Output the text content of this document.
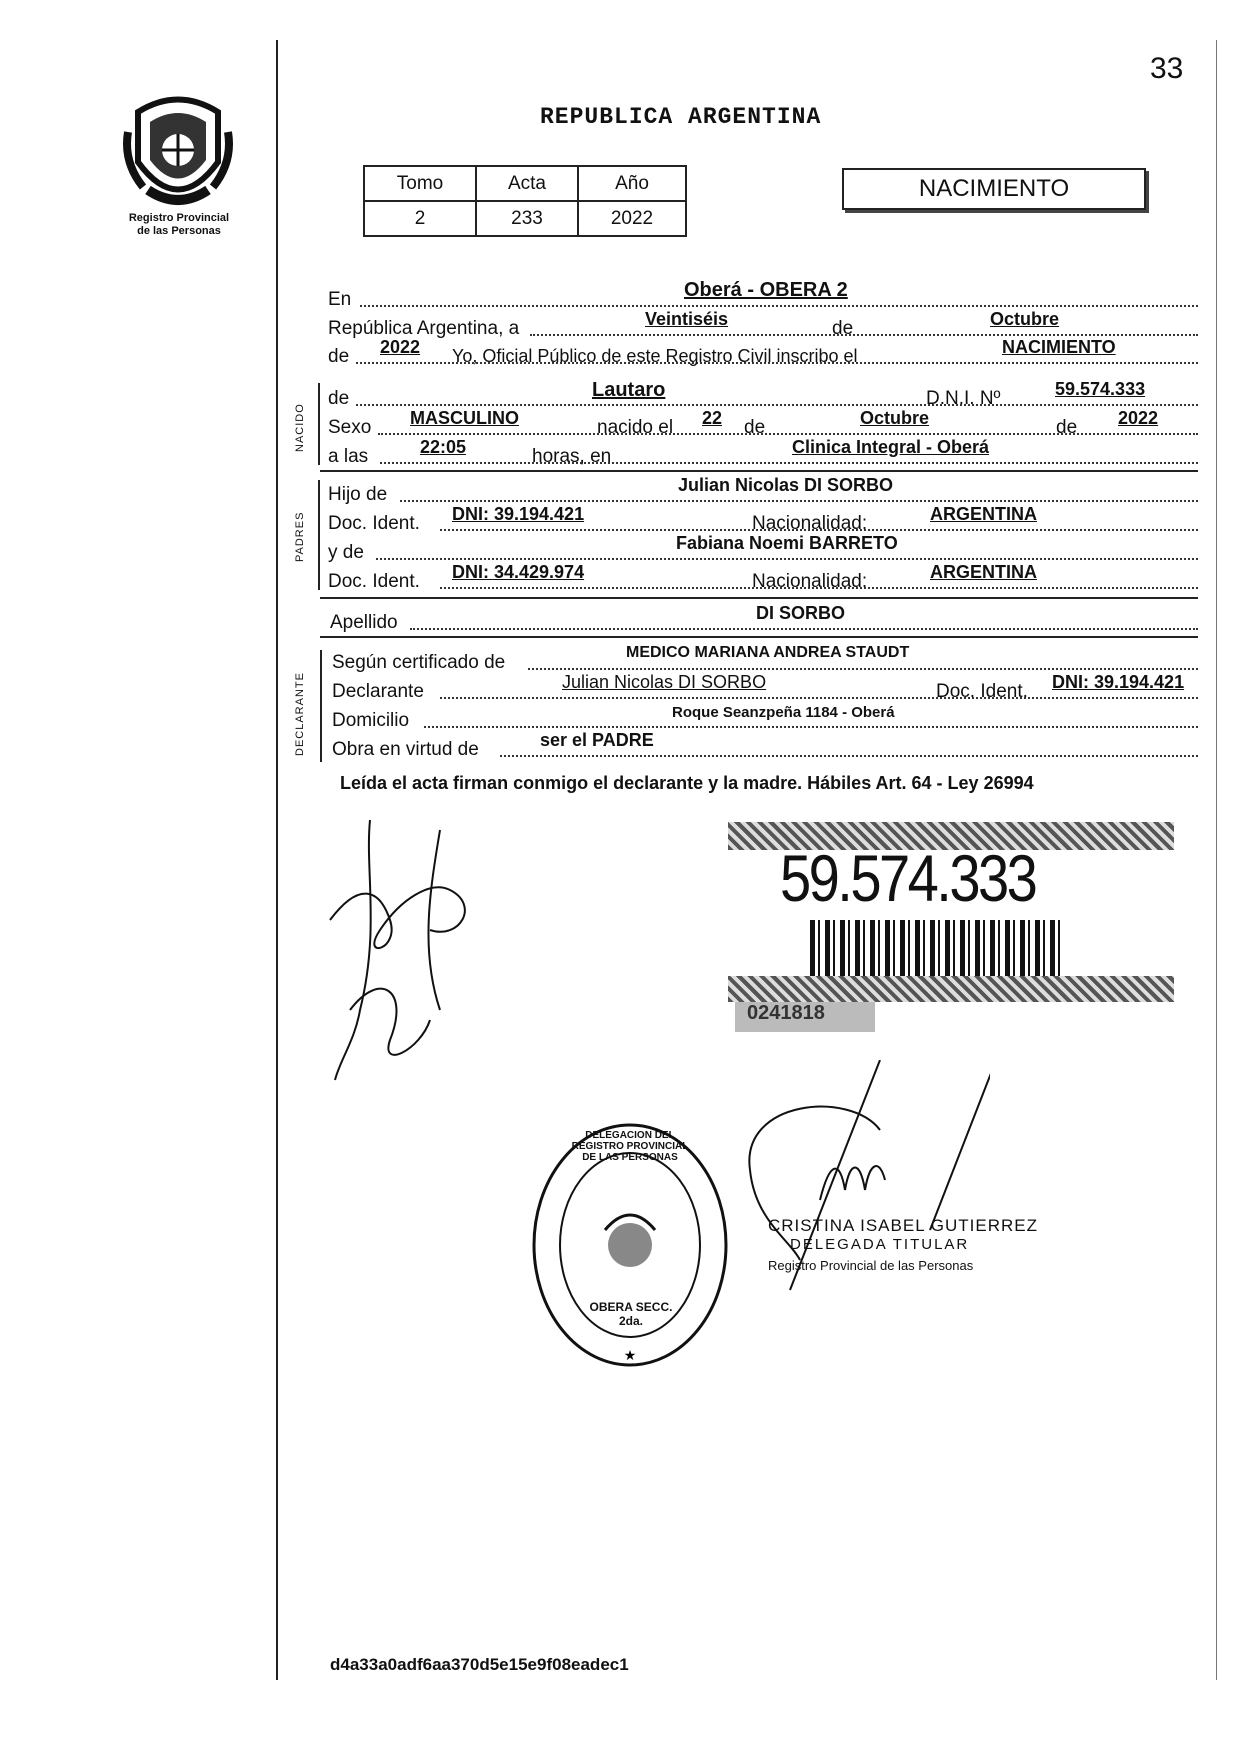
Registro Provincial
de las Personas
33
REPUBLICA ARGENTINA
Tomo	Acta	Año
2	233	2022
NACIMIENTO
En	Oberá - OBERA 2
República Argentina, a	Veintiséis	de	Octubre
de 2022 Yo, Oficial Público de este Registro Civil inscribo el	NACIMIENTO
NACIDO
de	Lautaro	D.N.I. Nº	59.574.333
Sexo MASCULINO	nacido el 22 de	Octubre	de 2022
a las	22:05	horas, en	Clinica Integral - Oberá
PADRES
Hijo de	Julian Nicolas DI SORBO
Doc. Ident. DNI: 39.194.421	Nacionalidad:	ARGENTINA
y de	Fabiana Noemi BARRETO
Doc. Ident. DNI: 34.429.974	Nacionalidad:	ARGENTINA
Apellido	DI SORBO
DECLARANTE
Según certificado de	MEDICO MARIANA ANDREA STAUDT
Declarante	Julian Nicolas DI SORBO	Doc. Ident. DNI: 39.194.421
Domicilio	Roque Seanzpeña 1184 - Oberá
Obra en virtud de	ser el PADRE
Leída el acta firman conmigo el declarante y la madre. Hábiles Art. 64 - Ley 26994
59.574.333
0241818
★
DELEGACION DEL REGISTRO PROVINCIAL DE LAS PERSONAS
OBERA SECC. 2da.
CRISTINA ISABEL GUTIERREZ
DELEGADA TITULAR
Registro Provincial de las Personas
d4a33a0adf6aa370d5e15e9f08eadec1
